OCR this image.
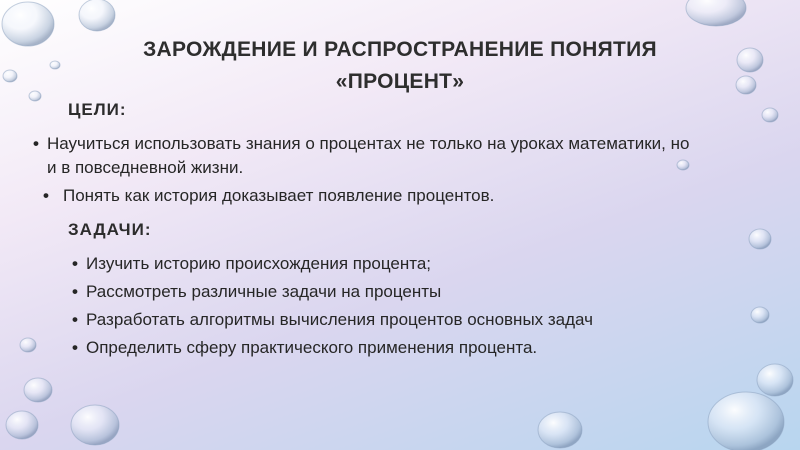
ЗАРОЖДЕНИЕ И РАСПРОСТРАНЕНИЕ ПОНЯТИЯ
«ПРОЦЕНТ»
ЦЕЛИ:
• Научиться использовать знания о процентах не только на уроках математики, но и в повседневной жизни.
• Понять как история доказывает появление процентов.
ЗАДАЧИ:
• Изучить историю происхождения процента;
• Рассмотреть различные задачи на проценты
• Разработать алгоритмы вычисления процентов основных задач
• Определить сферу практического применения процента.
